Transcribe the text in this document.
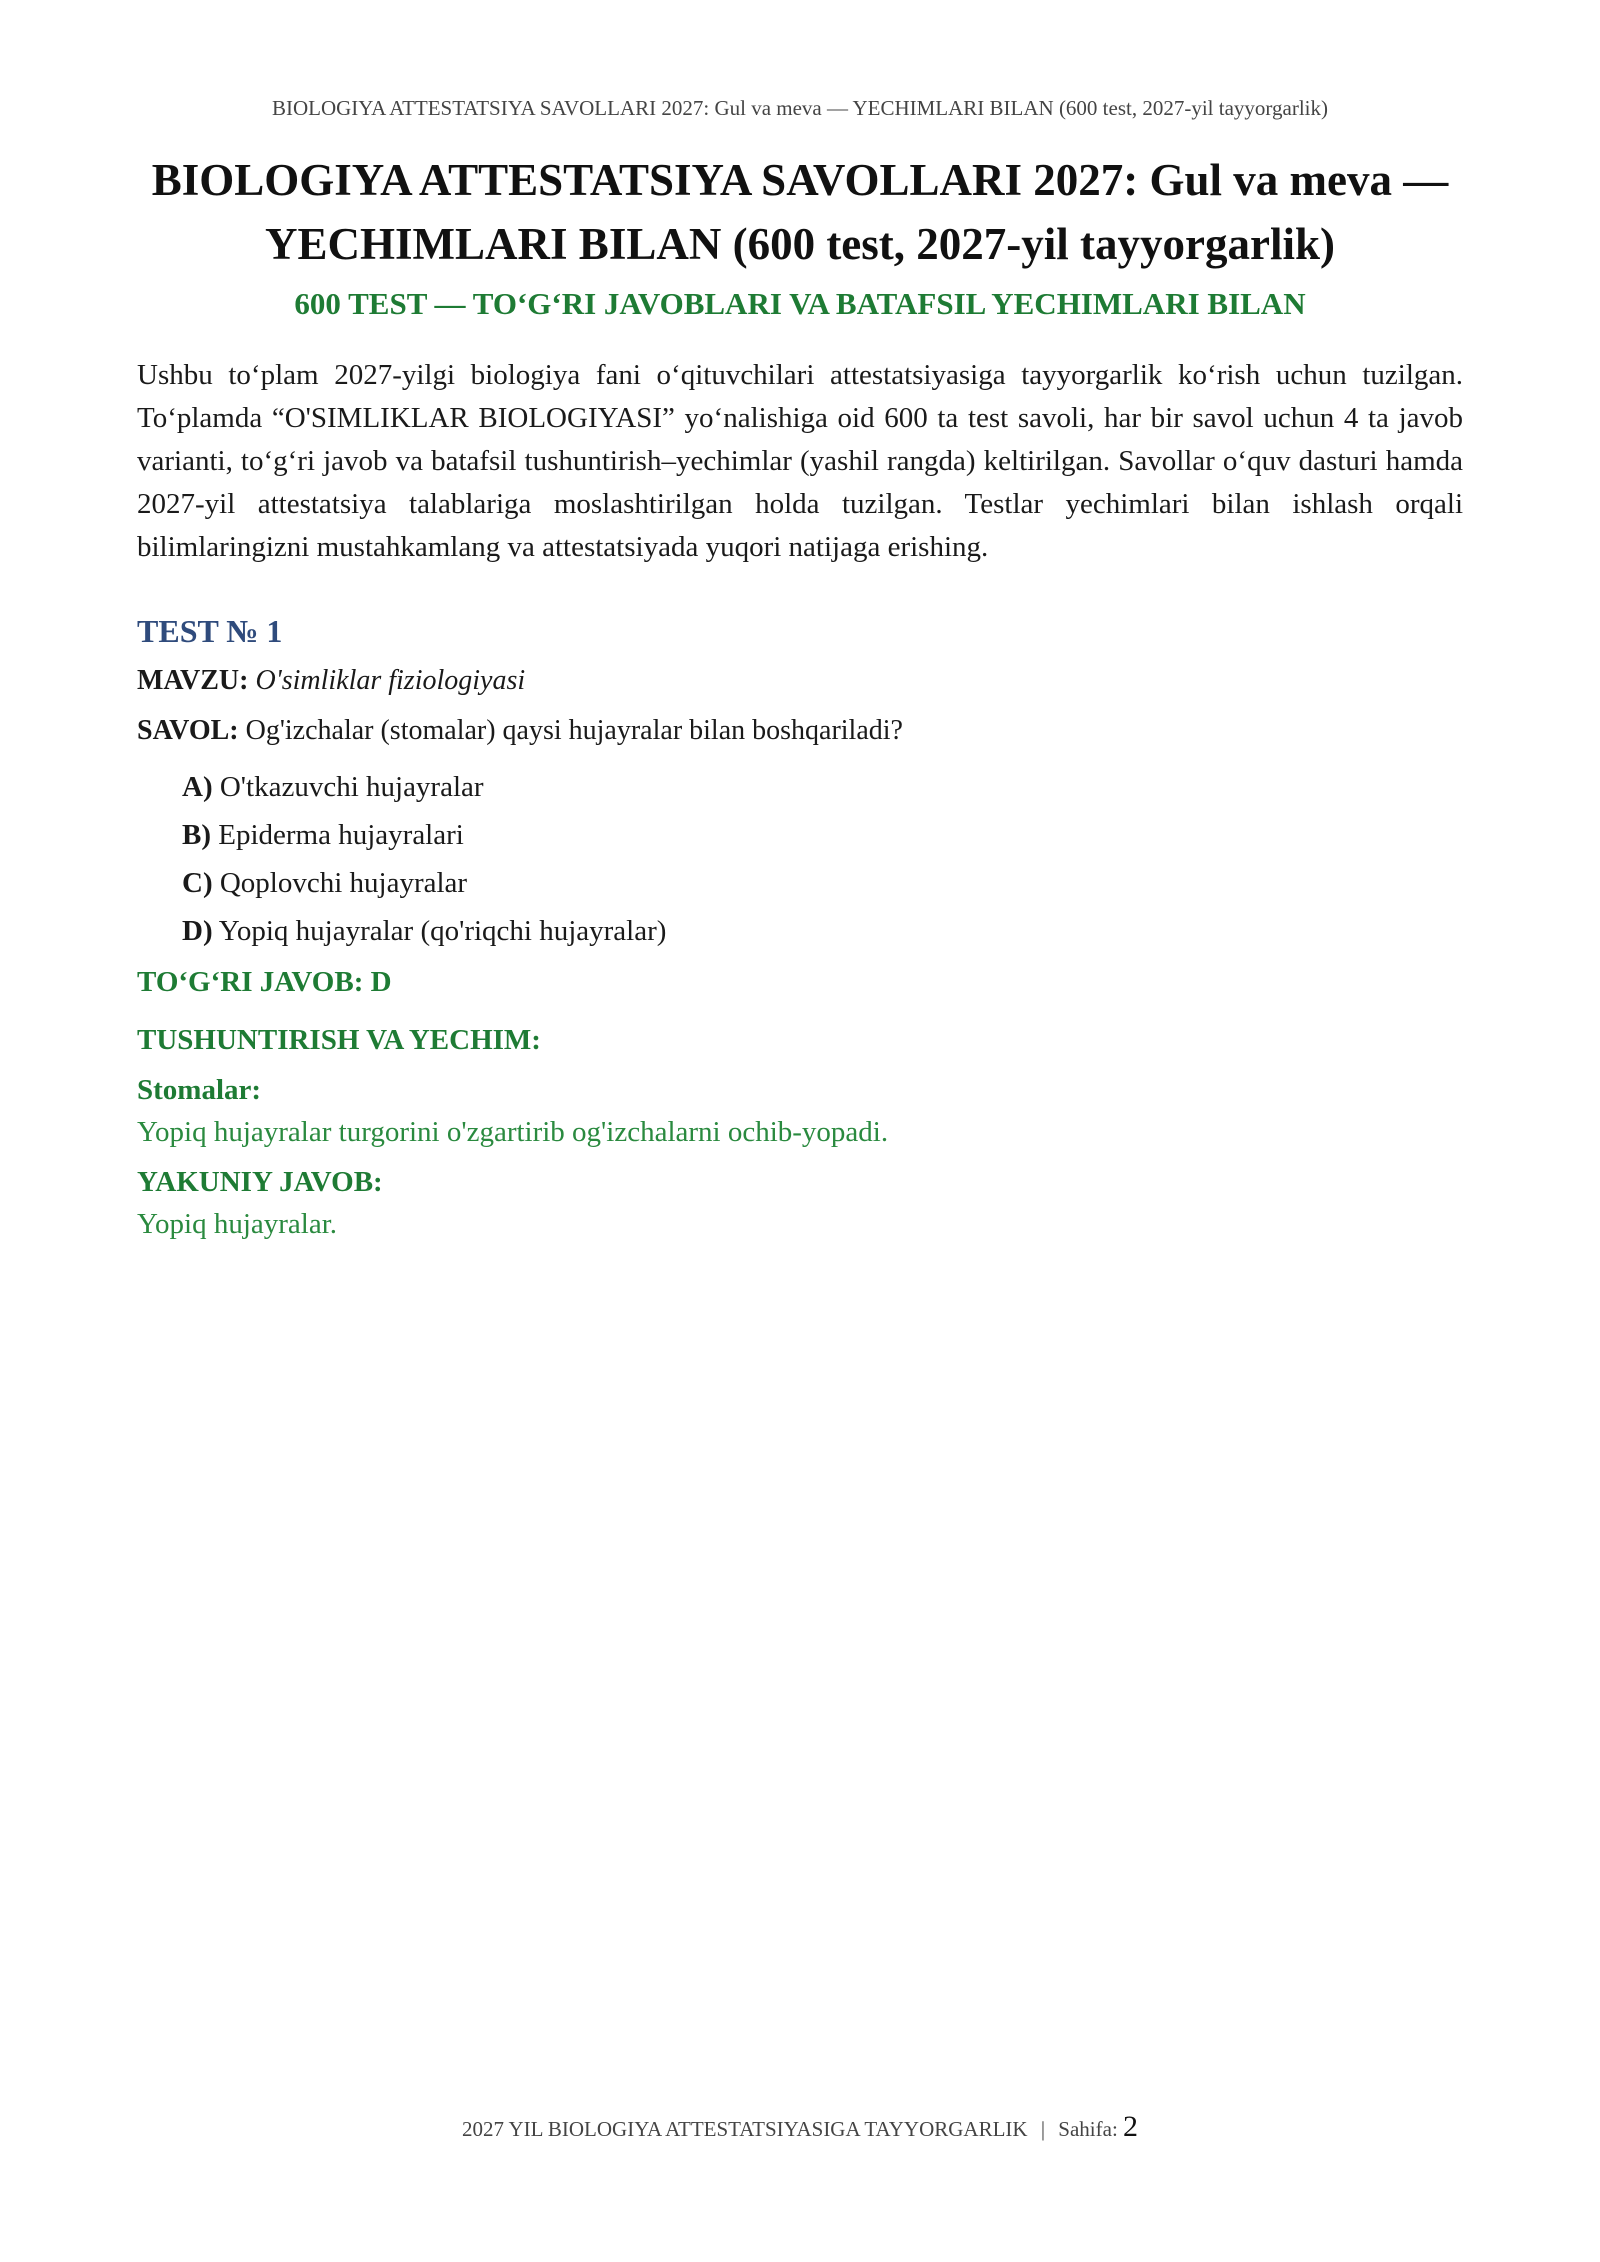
BIOLOGIYA ATTESTATSIYA SAVOLLARI 2027: Gul va meva — YECHIMLARI BILAN (600 test, 2027-yil tayyorgarlik)
BIOLOGIYA ATTESTATSIYA SAVOLLARI 2027: Gul va meva — YECHIMLARI BILAN (600 test, 2027-yil tayyorgarlik)
600 TEST — TO‘G‘RI JAVOBLARI VA BATAFSIL YECHIMLARI BILAN

Ushbu to‘plam 2027-yilgi biologiya fani o‘qituvchilari attestatsiyasiga tayyorgarlik ko‘rish uchun tuzilgan. To‘plamda “O'SIMLIKLAR BIOLOGIYASI” yo‘nalishiga oid 600 ta test savoli, har bir savol uchun 4 ta javob varianti, to‘g‘ri javob va batafsil tushuntirish–yechimlar (yashil rangda) keltirilgan. Savollar o‘quv dasturi hamda 2027-yil attestatsiya talablariga moslashtirilgan holda tuzilgan. Testlar yechimlari bilan ishlash orqali bilimlaringizni mustahkamlang va attestatsiyada yuqori natijaga erishing.

TEST № 1
MAVZU: O'simliklar fiziologiyasi
SAVOL: Og'izchalar (stomalar) qaysi hujayralar bilan boshqariladi?
A) O'tkazuvchi hujayralar
B) Epiderma hujayralari
C) Qoplovchi hujayralar
D) Yopiq hujayralar (qo'riqchi hujayralar)
TO‘G‘RI JAVOB: D
TUSHUNTIRISH VA YECHIM:
Stomalar:
Yopiq hujayralar turgorini o'zgartirib og'izchalarni ochib-yopadi.
YAKUNIY JAVOB:
Yopiq hujayralar.
2027 YIL BIOLOGIYA ATTESTATSIYASIGA TAYYORGARLIK | Sahifa: 2
